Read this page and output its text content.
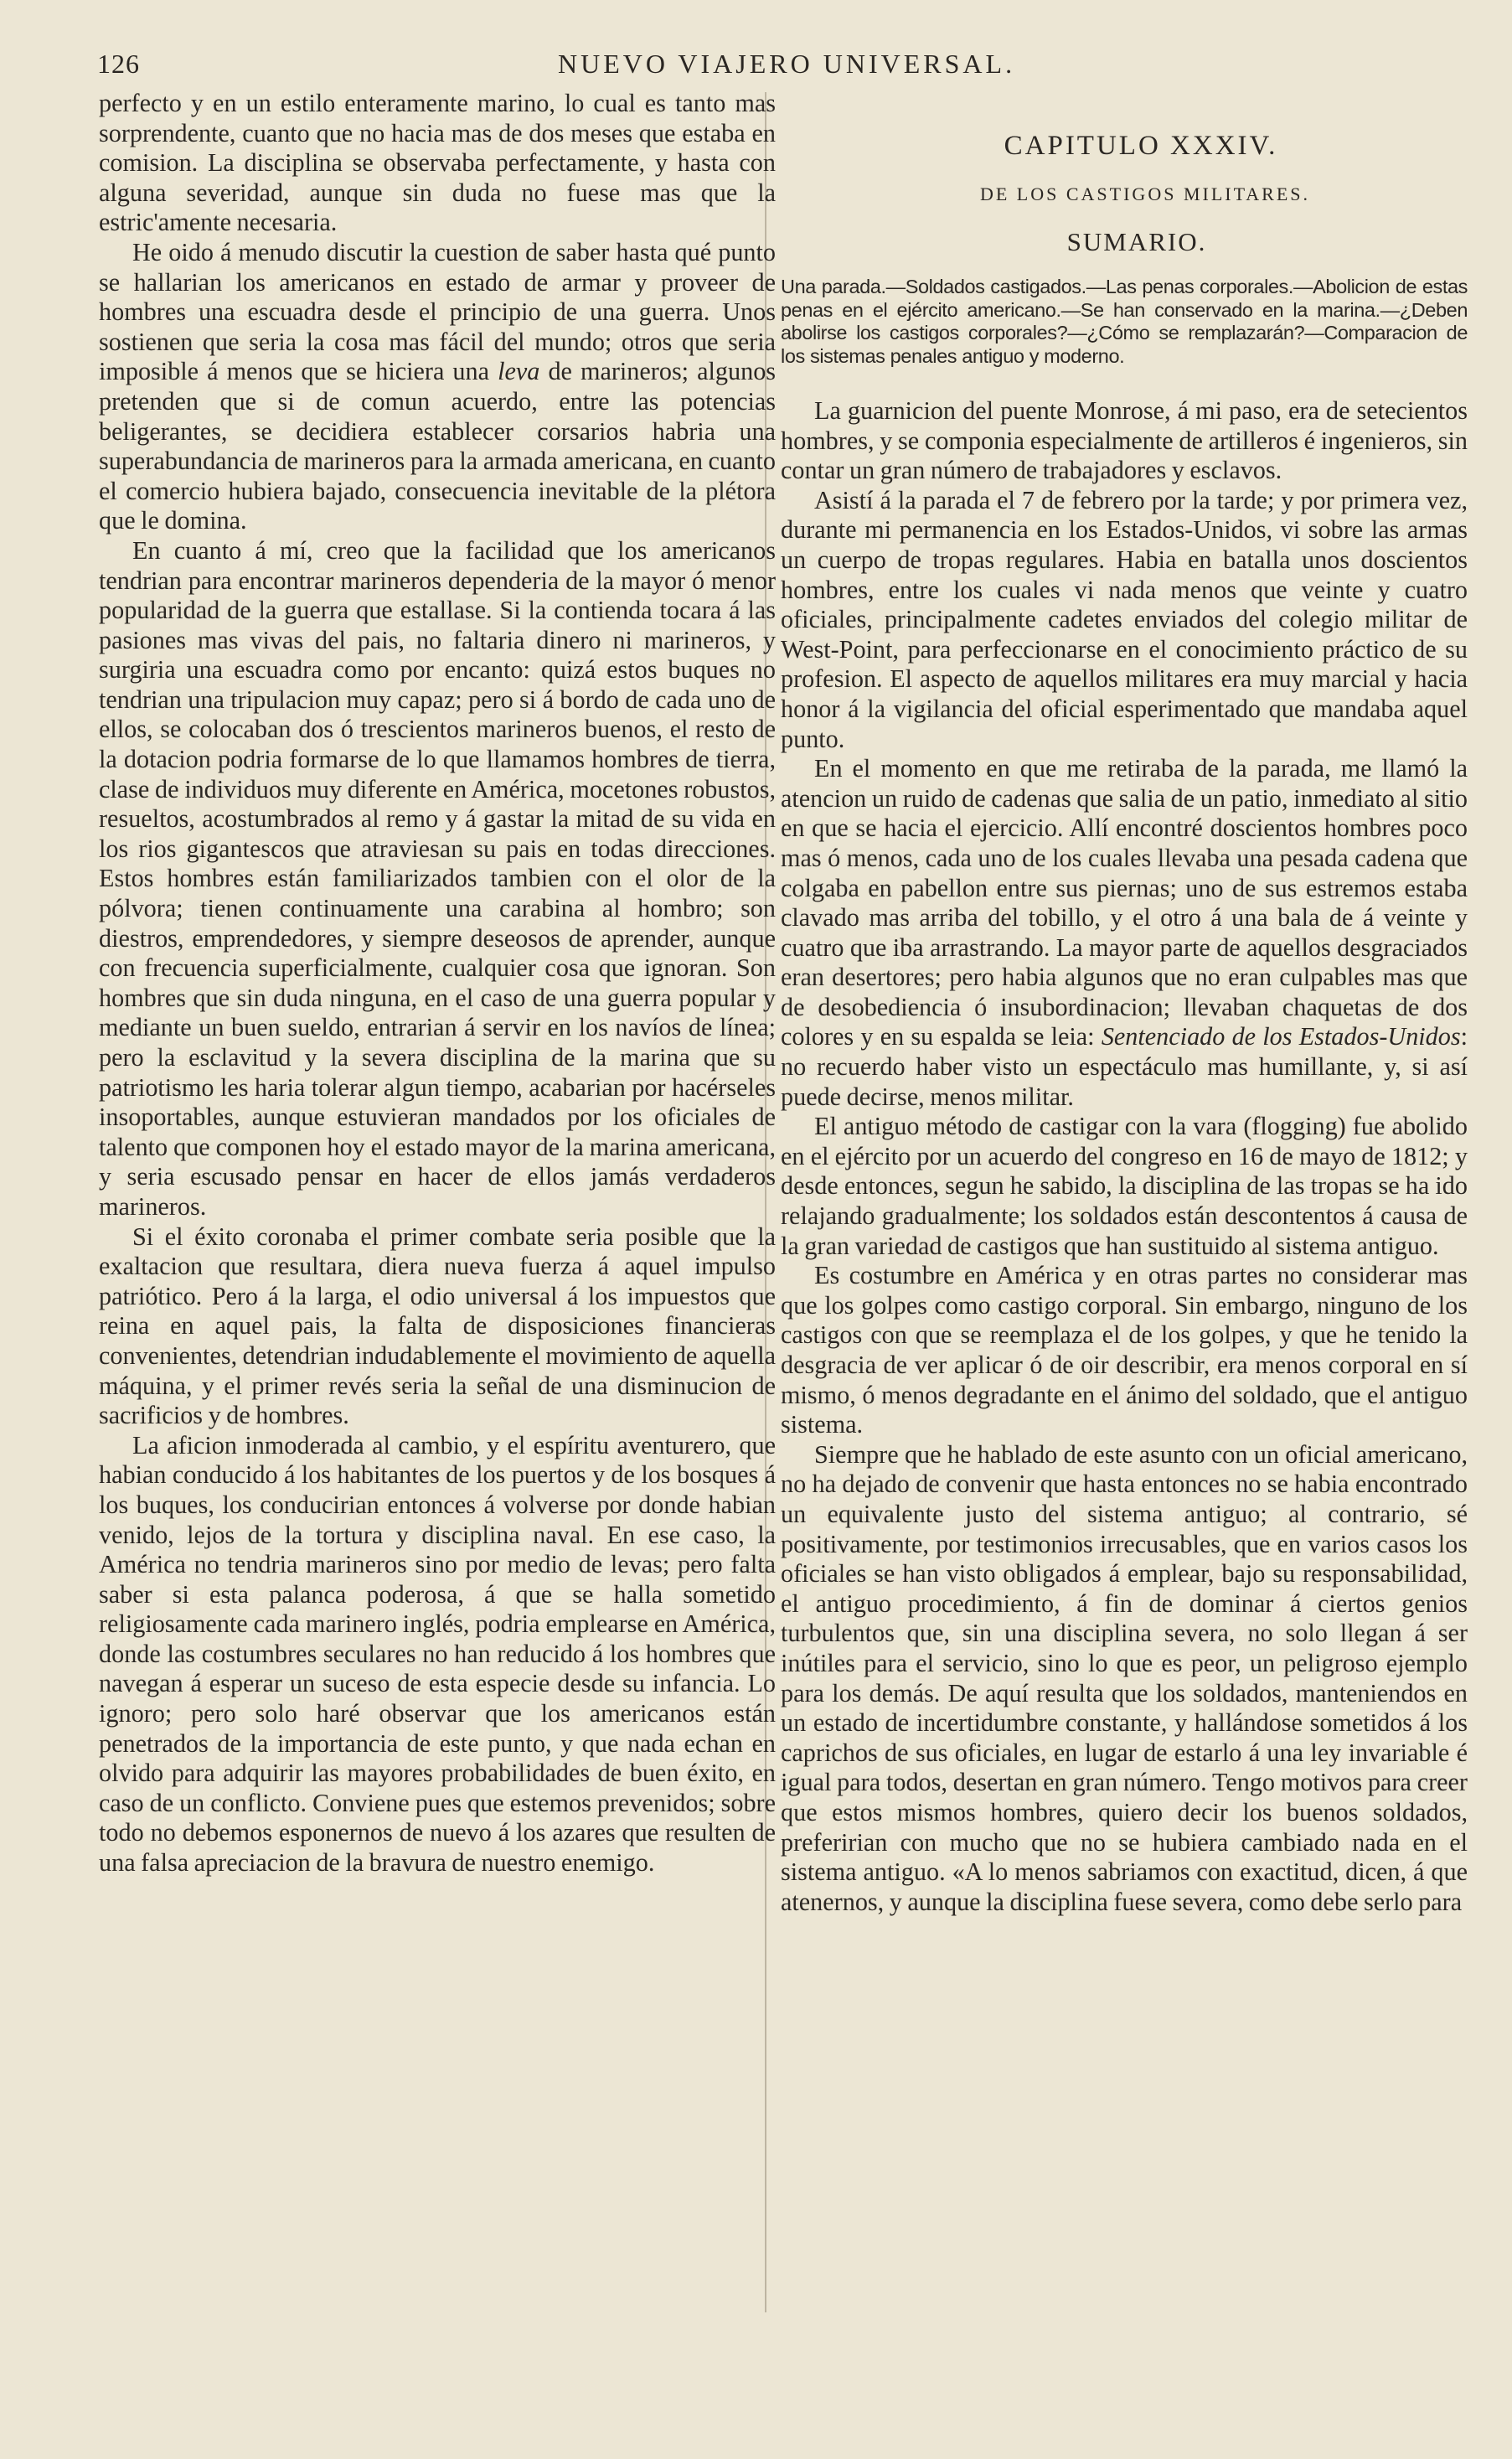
126	NUEVO VIAJERO UNIVERSAL.

perfecto y en un estilo enteramente marino, lo cual es tanto mas sorprendente, cuanto que no hacia mas de dos meses que estaba en comision. La disciplina se observaba perfectamente, y hasta con alguna severidad, aunque sin duda no fuese mas que la estric'amente necesaria.

He oido á menudo discutir la cuestion de saber hasta qué punto se hallarian los americanos en estado de armar y proveer de hombres una escuadra desde el principio de una guerra. Unos sostienen que seria la cosa mas fácil del mundo; otros que seria imposible á menos que se hiciera una leva de marineros; algunos pretenden que si de comun acuerdo, entre las potencias beligerantes, se decidiera establecer corsarios habria una superabundancia de marineros para la armada americana, en cuanto el comercio hubiera bajado, consecuencia inevitable de la plétora que le domina.

En cuanto á mí, creo que la facilidad que los americanos tendrian para encontrar marineros dependeria de la mayor ó menor popularidad de la guerra que estallase. Si la contienda tocara á las pasiones mas vivas del pais, no faltaria dinero ni marineros, y surgiria una escuadra como por encanto: quizá estos buques no tendrian una tripulacion muy capaz; pero si á bordo de cada uno de ellos, se colocaban dos ó trescientos marineros buenos, el resto de la dotacion podria formarse de lo que llamamos hombres de tierra, clase de individuos muy diferente en América, mocetones robustos, resueltos, acostumbrados al remo y á gastar la mitad de su vida en los rios gigantescos que atraviesan su pais en todas direcciones. Estos hombres están familiarizados tambien con el olor de la pólvora; tienen continuamente una carabina al hombro; son diestros, emprendedores, y siempre deseosos de aprender, aunque con frecuencia superficialmente, cualquier cosa que ignoran. Son hombres que sin duda ninguna, en el caso de una guerra popular y mediante un buen sueldo, entrarian á servir en los navíos de línea; pero la esclavitud y la severa disciplina de la marina que su patriotismo les haria tolerar algun tiempo, acabarian por hacérseles insoportables, aunque estuvieran mandados por los oficiales de talento que componen hoy el estado mayor de la marina americana, y seria escusado pensar en hacer de ellos jamás verdaderos marineros.

Si el éxito coronaba el primer combate seria posible que la exaltacion que resultara, diera nueva fuerza á aquel impulso patriótico. Pero á la larga, el odio universal á los impuestos que reina en aquel pais, la falta de disposiciones financieras convenientes, detendrian indudablemente el movimiento de aquella máquina, y el primer revés seria la señal de una disminucion de sacrificios y de hombres.

La aficion inmoderada al cambio, y el espíritu aventurero, que habian conducido á los habitantes de los puertos y de los bosques á los buques, los conducirian entonces á volverse por donde habian venido, lejos de la tortura y disciplina naval. En ese caso, la América no tendria marineros sino por medio de levas; pero falta saber si esta palanca poderosa, á que se halla sometido religiosamente cada marinero inglés, podria emplearse en América, donde las costumbres seculares no han reducido á los hombres que navegan á esperar un suceso de esta especie desde su infancia. Lo ignoro; pero solo haré observar que los americanos están penetrados de la importancia de este punto, y que nada echan en olvido para adquirir las mayores probabilidades de buen éxito, en caso de un conflicto. Conviene pues que estemos prevenidos; sobre todo no debemos esponernos de nuevo á los azares que resulten de una falsa apreciacion de la bravura de nuestro enemigo.

CAPITULO XXXIV.
DE LOS CASTIGOS MILITARES.
SUMARIO.
Una parada.—Soldados castigados.—Las penas corporales.—Abolicion de estas penas en el ejército americano.—Se han conservado en la marina.—¿Deben abolirse los castigos corporales?—¿Cómo se remplazarán?—Comparacion de los sistemas penales antiguo y moderno.

La guarnicion del puente Monrose, á mi paso, era de setecientos hombres, y se componia especialmente de artilleros é ingenieros, sin contar un gran número de trabajadores y esclavos.

Asistí á la parada el 7 de febrero por la tarde; y por primera vez, durante mi permanencia en los Estados-Unidos, vi sobre las armas un cuerpo de tropas regulares. Habia en batalla unos doscientos hombres, entre los cuales vi nada menos que veinte y cuatro oficiales, principalmente cadetes enviados del colegio militar de West-Point, para perfeccionarse en el conocimiento práctico de su profesion. El aspecto de aquellos militares era muy marcial y hacia honor á la vigilancia del oficial esperimentado que mandaba aquel punto.

En el momento en que me retiraba de la parada, me llamó la atencion un ruido de cadenas que salia de un patio, inmediato al sitio en que se hacia el ejercicio. Allí encontré doscientos hombres poco mas ó menos, cada uno de los cuales llevaba una pesada cadena que colgaba en pabellon entre sus piernas; uno de sus estremos estaba clavado mas arriba del tobillo, y el otro á una bala de á veinte y cuatro que iba arrastrando. La mayor parte de aquellos desgraciados eran desertores; pero habia algunos que no eran culpables mas que de desobediencia ó insubordinacion; llevaban chaquetas de dos colores y en su espalda se leia: Sentenciado de los Estados-Unidos: no recuerdo haber visto un espectáculo mas humillante, y, si así puede decirse, menos militar.

El antiguo método de castigar con la vara (flogging) fue abolido en el ejército por un acuerdo del congreso en 16 de mayo de 1812; y desde entonces, segun he sabido, la disciplina de las tropas se ha ido relajando gradualmente; los soldados están descontentos á causa de la gran variedad de castigos que han sustituido al sistema antiguo.

Es costumbre en América y en otras partes no considerar mas que los golpes como castigo corporal. Sin embargo, ninguno de los castigos con que se reemplaza el de los golpes, y que he tenido la desgracia de ver aplicar ó de oir describir, era menos corporal en sí mismo, ó menos degradante en el ánimo del soldado, que el antiguo sistema.

Siempre que he hablado de este asunto con un oficial americano, no ha dejado de convenir que hasta entonces no se habia encontrado un equivalente justo del sistema antiguo; al contrario, sé positivamente, por testimonios irrecusables, que en varios casos los oficiales se han visto obligados á emplear, bajo su responsabilidad, el antiguo procedimiento, á fin de dominar á ciertos genios turbulentos que, sin una disciplina severa, no solo llegan á ser inútiles para el servicio, sino lo que es peor, un peligroso ejemplo para los demás. De aquí resulta que los soldados, manteniendos en un estado de incertidumbre constante, y hallándose sometidos á los caprichos de sus oficiales, en lugar de estarlo á una ley invariable é igual para todos, desertan en gran número. Tengo motivos para creer que estos mismos hombres, quiero decir los buenos soldados, preferirian con mucho que no se hubiera cambiado nada en el sistema antiguo. «A lo menos sabriamos con exactitud, dicen, á que atenernos, y aunque la disciplina fuese severa, como debe serlo para
